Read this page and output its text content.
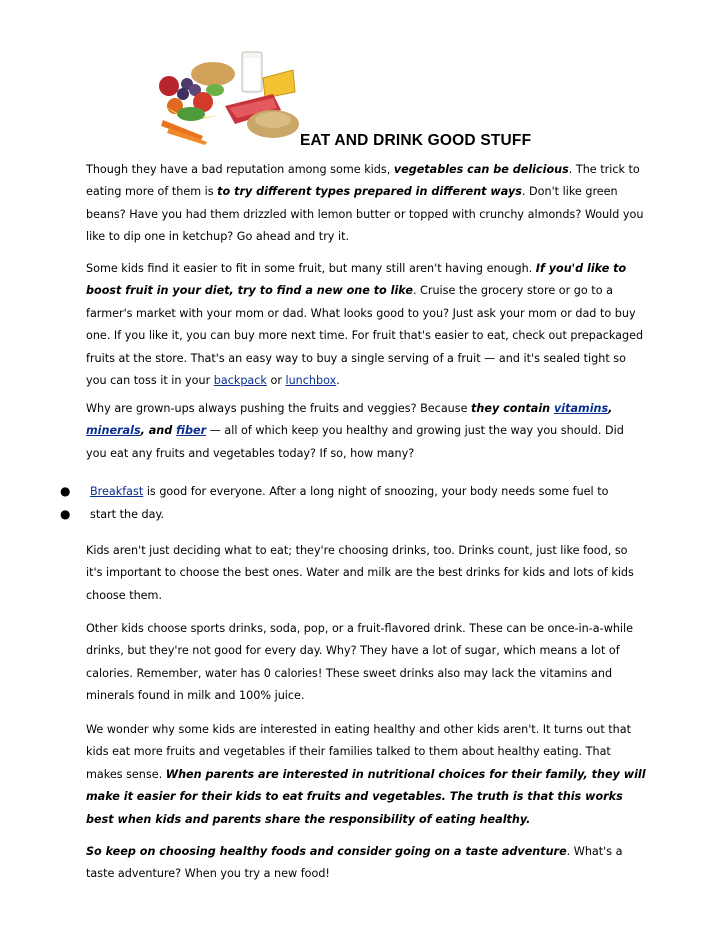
EAT AND DRINK GOOD STUFF

Though they have a bad reputation among some kids, vegetables can be delicious. The trick to eating more of them is to try different types prepared in different ways. Don't like green beans? Have you had them drizzled with lemon butter or topped with crunchy almonds? Would you like to dip one in ketchup? Go ahead and try it.

Some kids find it easier to fit in some fruit, but many still aren't having enough. If you'd like to boost fruit in your diet, try to find a new one to like. Cruise the grocery store or go to a farmer's market with your mom or dad. What looks good to you? Just ask your mom or dad to buy one. If you like it, you can buy more next time. For fruit that's easier to eat, check out prepackaged fruits at the store. That's an easy way to buy a single serving of a fruit — and it's sealed tight so you can toss it in your backpack or lunchbox.

Why are grown-ups always pushing the fruits and veggies? Because they contain vitamins, minerals, and fiber — all of which keep you healthy and growing just the way you should. Did you eat any fruits and vegetables today? If so, how many?

● Breakfast is good for everyone. After a long night of snoozing, your body needs some fuel to
● start the day.

Kids aren't just deciding what to eat; they're choosing drinks, too. Drinks count, just like food, so it's important to choose the best ones. Water and milk are the best drinks for kids and lots of kids choose them.

Other kids choose sports drinks, soda, pop, or a fruit-flavored drink. These can be once-in-a-while drinks, but they're not good for every day. Why? They have a lot of sugar, which means a lot of calories. Remember, water has 0 calories! These sweet drinks also may lack the vitamins and minerals found in milk and 100% juice.

We wonder why some kids are interested in eating healthy and other kids aren't. It turns out that kids eat more fruits and vegetables if their families talked to them about healthy eating. That makes sense. When parents are interested in nutritional choices for their family, they will make it easier for their kids to eat fruits and vegetables. The truth is that this works best when kids and parents share the responsibility of eating healthy.

So keep on choosing healthy foods and consider going on a taste adventure. What's a taste adventure? When you try a new food!
